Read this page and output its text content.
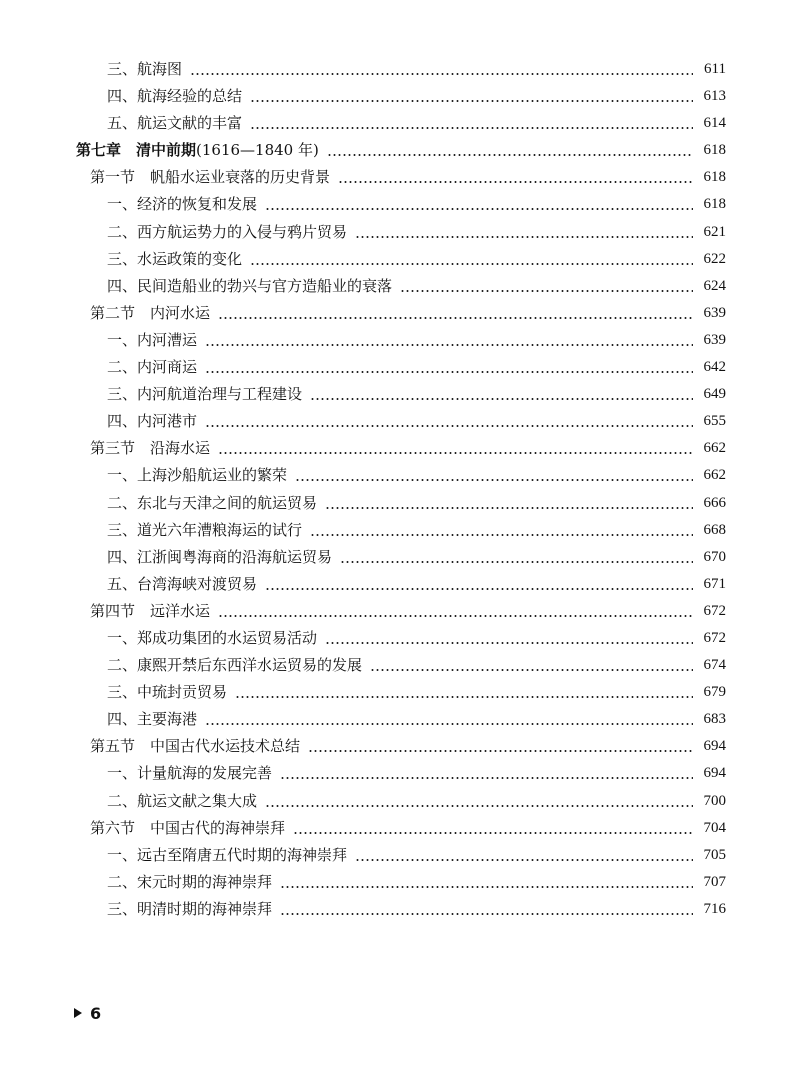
三、航海图	611
四、航海经验的总结	613
五、航运文献的丰富	614
第七章　清中前期(1616—1840 年)	618
第一节　帆船水运业衰落的历史背景	618
一、经济的恢复和发展	618
二、西方航运势力的入侵与鸦片贸易	621
三、水运政策的变化	622
四、民间造船业的勃兴与官方造船业的衰落	624
第二节　内河水运	639
一、内河漕运	639
二、内河商运	642
三、内河航道治理与工程建设	649
四、内河港市	655
第三节　沿海水运	662
一、上海沙船航运业的繁荣	662
二、东北与天津之间的航运贸易	666
三、道光六年漕粮海运的试行	668
四、江浙闽粤海商的沿海航运贸易	670
五、台湾海峡对渡贸易	671
第四节　远洋水运	672
一、郑成功集团的水运贸易活动	672
二、康熙开禁后东西洋水运贸易的发展	674
三、中琉封贡贸易	679
四、主要海港	683
第五节　中国古代水运技术总结	694
一、计量航海的发展完善	694
二、航运文献之集大成	700
第六节　中国古代的海神崇拜	704
一、远古至隋唐五代时期的海神崇拜	705
二、宋元时期的海神崇拜	707
三、明清时期的海神崇拜	716
6
